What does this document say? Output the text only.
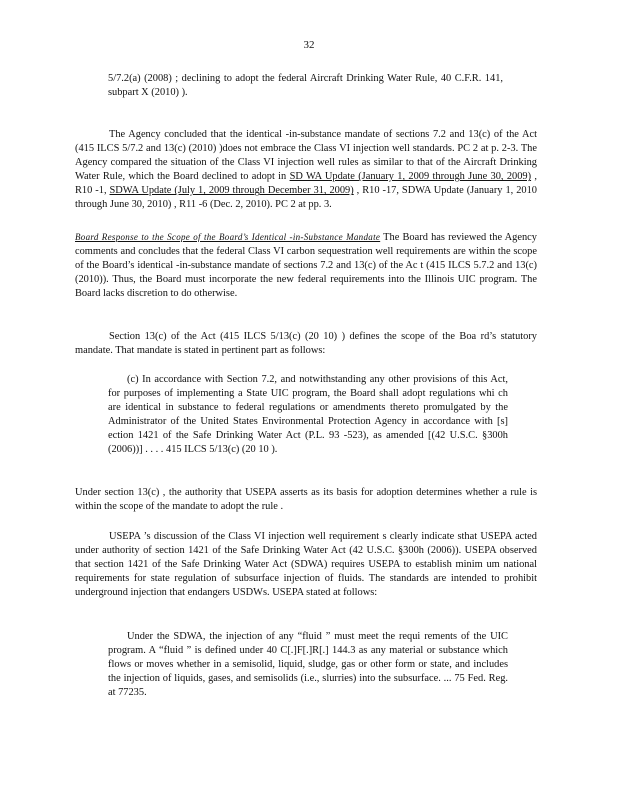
32

5/7.2(a) (2008) ; declining to adopt the federal Aircraft Drinking Water Rule, 40 C.F.R. 141, subpart X (2010) ).

The Agency concluded that the identical -in-substance mandate of sections 7.2 and 13(c) of the Act (415 ILCS 5/7.2 and 13(c) (2010) )does not embrace the Class VI injection well standards. PC 2 at p. 2-3. The Agency compared the situation of the Class VI injection well rules as similar to that of the Aircraft Drinking Water Rule, which the Board declined to adopt in SD WA Update (January 1, 2009 through June 30, 2009) , R10 -1, SDWA Update (July 1, 2009 through December 31, 2009) , R10 -17, SDWA Update (January 1, 2010 through June 30, 2010) , R11 -6 (Dec. 2, 2010). PC 2 at pp. 3.

Board Response to the Scope of the Board’s Identical -in-Substance Mandate The Board has reviewed the Agency comments and concludes that the federal Class VI carbon sequestration well requirements are within the scope of the Board’s identical -in-substance mandate of sections 7.2 and 13(c) of the Ac t (415 ILCS 5.7.2 and 13(c) (2010)). Thus, the Board must incorporate the new federal requirements into the Illinois UIC program. The Board lacks discretion to do otherwise.

Section 13(c) of the Act (415 ILCS 5/13(c) (20 10) ) defines the scope of the Boa rd’s statutory mandate. That mandate is stated in pertinent part as follows:

(c) In accordance with Section 7.2, and notwithstanding any other provisions of this Act, for purposes of implementing a State UIC program, the Board shall adopt regulations whi ch are identical in substance to federal regulations or amendments thereto promulgated by the Administrator of the United States Environmental Protection Agency in accordance with [s] ection 1421 of the Safe Drinking Water Act (P.L. 93 -523), as amended [(42 U.S.C. §300h (2006))] . . . . 415 ILCS 5/13(c) (20 10 ).

Under section 13(c) , the authority that USEPA asserts as its basis for adoption determines whether a rule is within the scope of the mandate to adopt the rule .

USEPA ’s discussion of the Class VI injection well requirement s clearly indicate sthat USEPA acted under authority of section 1421 of the Safe Drinking Water Act (42 U.S.C. §300h (2006)). USEPA observed that section 1421 of the Safe Drinking Water Act (SDWA) requires USEPA to establish minim um national requirements for state regulation of subsurface injection of fluids. The standards are intended to prohibit underground injection that endangers USDWs. USEPA stated at follows:

Under the SDWA, the injection of any “fluid ” must meet the requi rements of the UIC program. A “fluid ” is defined under 40 C[.]F[.]R[.] 144.3 as any material or substance which flows or moves whether in a semisolid, liquid, sludge, gas or other form or state, and includes the injection of liquids, gases, and semisolids (i.e., slurries) into the subsurface. ... 75 Fed. Reg. at 77235.
